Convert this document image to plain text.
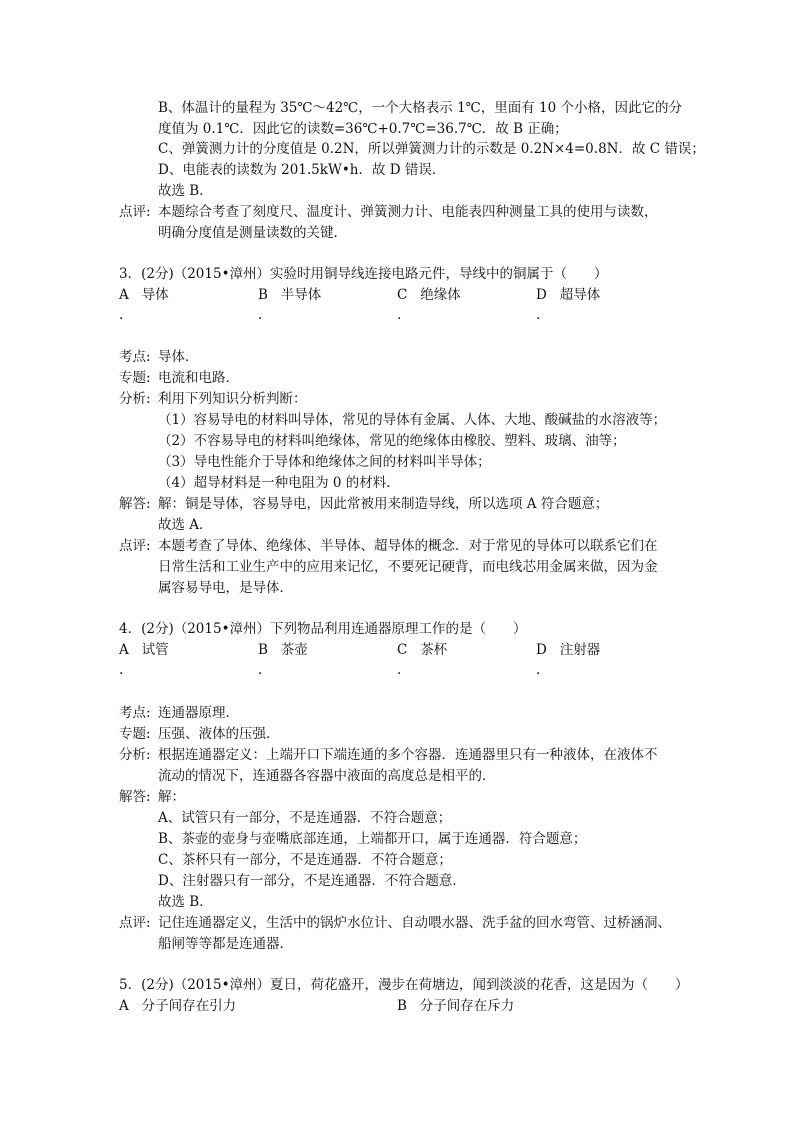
B、体温计的量程为 35℃～42℃，一个大格表示 1℃，里面有 10 个小格，因此它的分
度值为 0.1℃．因此它的读数=36℃+0.7℃=36.7℃．故 B 正确；
C、弹簧测力计的分度值是 0.2N，所以弹簧测力计的示数是 0.2N×4=0.8N．故 C 错误；
D、电能表的读数为 201.5kW•h．故 D 错误．
故选 B．
点评: 本题综合考查了刻度尺、温度计、弹簧测力计、电能表四种测量工具的使用与读数，
明确分度值是测量读数的关键．
3．(2分)（2015•漳州）实验时用铜导线连接电路元件，导线中的铜属于（　　）
A 导体
.
B 半导体
.
C 绝缘体
.
D 超导体
.
考点: 导体．
专题: 电流和电路．
分析: 利用下列知识分析判断：
（1）容易导电的材料叫导体，常见的导体有金属、人体、大地、酸碱盐的水溶液等；
（2）不容易导电的材料叫绝缘体，常见的绝缘体由橡胶、塑料、玻璃、油等；
（3）导电性能介于导体和绝缘体之间的材料叫半导体；
（4）超导材料是一种电阻为 0 的材料．
解答: 解：铜是导体，容易导电，因此常被用来制造导线，所以选项 A 符合题意；
故选 A．
点评: 本题考查了导体、绝缘体、半导体、超导体的概念．对于常见的导体可以联系它们在
日常生活和工业生产中的应用来记忆，不要死记硬背，而电线芯用金属来做，因为金
属容易导电，是导体．
4．(2分)（2015•漳州）下列物品利用连通器原理工作的是（　　）
A 试管
.
B 茶壶
.
C 茶杯
.
D 注射器
.
考点: 连通器原理．
专题: 压强、液体的压强．
分析: 根据连通器定义：上端开口下端连通的多个容器．连通器里只有一种液体，在液体不
流动的情况下，连通器各容器中液面的高度总是相平的．
解答: 解：
A、试管只有一部分，不是连通器．不符合题意；
B、茶壶的壶身与壶嘴底部连通，上端都开口，属于连通器．符合题意；
C、茶杯只有一部分，不是连通器．不符合题意；
D、注射器只有一部分，不是连通器．不符合题意．
故选 B．
点评: 记住连通器定义，生活中的锅炉水位计、自动喂水器、洗手盆的回水弯管、过桥涵洞、
船闸等等都是连通器．
5．(2分)（2015•漳州）夏日，荷花盛开，漫步在荷塘边，闻到淡淡的花香，这是因为（　　）
A 分子间存在引力	B 分子间存在斥力
